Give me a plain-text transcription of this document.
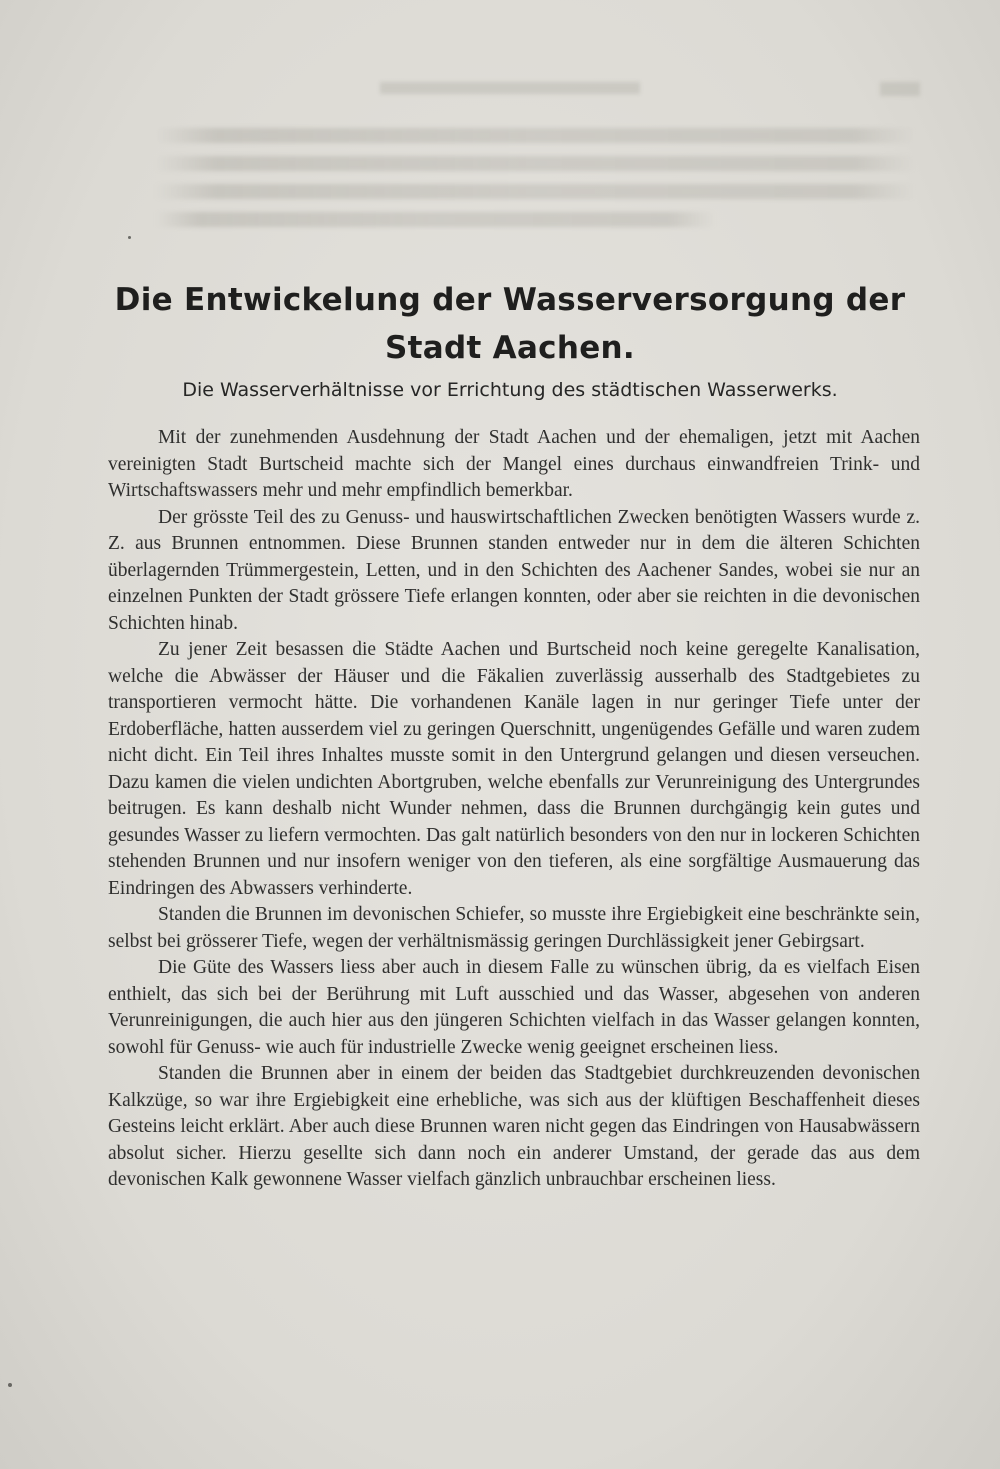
Die Entwickelung der Wasserversorgung der Stadt Aachen.
Die Wasserverhältnisse vor Errichtung des städtischen Wasserwerks.

Mit der zunehmenden Ausdehnung der Stadt Aachen und der ehemaligen, jetzt mit Aachen vereinigten Stadt Burtscheid machte sich der Mangel eines durchaus einwandfreien Trink- und Wirtschaftswassers mehr und mehr empfindlich bemerkbar.

Der grösste Teil des zu Genuss- und hauswirtschaftlichen Zwecken benötigten Wassers wurde z. Z. aus Brunnen entnommen. Diese Brunnen standen entweder nur in dem die älteren Schichten überlagernden Trümmergestein, Letten, und in den Schichten des Aachener Sandes, wobei sie nur an einzelnen Punkten der Stadt grössere Tiefe erlangen konnten, oder aber sie reichten in die devonischen Schichten hinab.

Zu jener Zeit besassen die Städte Aachen und Burtscheid noch keine geregelte Kanalisation, welche die Abwässer der Häuser und die Fäkalien zuverlässig ausserhalb des Stadtgebietes zu transportieren vermocht hätte. Die vorhandenen Kanäle lagen in nur geringer Tiefe unter der Erdoberfläche, hatten ausserdem viel zu geringen Querschnitt, ungenügendes Gefälle und waren zudem nicht dicht. Ein Teil ihres Inhaltes musste somit in den Untergrund gelangen und diesen verseuchen. Dazu kamen die vielen undichten Abortgruben, welche ebenfalls zur Verunreinigung des Untergrundes beitrugen. Es kann deshalb nicht Wunder nehmen, dass die Brunnen durchgängig kein gutes und gesundes Wasser zu liefern vermochten. Das galt natürlich besonders von den nur in lockeren Schichten stehenden Brunnen und nur insofern weniger von den tieferen, als eine sorgfältige Ausmauerung das Eindringen des Abwassers verhinderte.

Standen die Brunnen im devonischen Schiefer, so musste ihre Ergiebigkeit eine beschränkte sein, selbst bei grösserer Tiefe, wegen der verhältnismässig geringen Durchlässigkeit jener Gebirgsart.

Die Güte des Wassers liess aber auch in diesem Falle zu wünschen übrig, da es vielfach Eisen enthielt, das sich bei der Berührung mit Luft ausschied und das Wasser, abgesehen von anderen Verunreinigungen, die auch hier aus den jüngeren Schichten vielfach in das Wasser gelangen konnten, sowohl für Genuss- wie auch für industrielle Zwecke wenig geeignet erscheinen liess.

Standen die Brunnen aber in einem der beiden das Stadtgebiet durchkreuzenden devonischen Kalkzüge, so war ihre Ergiebigkeit eine erhebliche, was sich aus der klüftigen Beschaffenheit dieses Gesteins leicht erklärt. Aber auch diese Brunnen waren nicht gegen das Eindringen von Hausabwässern absolut sicher. Hierzu gesellte sich dann noch ein anderer Umstand, der gerade das aus dem devonischen Kalk gewonnene Wasser vielfach gänzlich unbrauchbar erscheinen liess.
